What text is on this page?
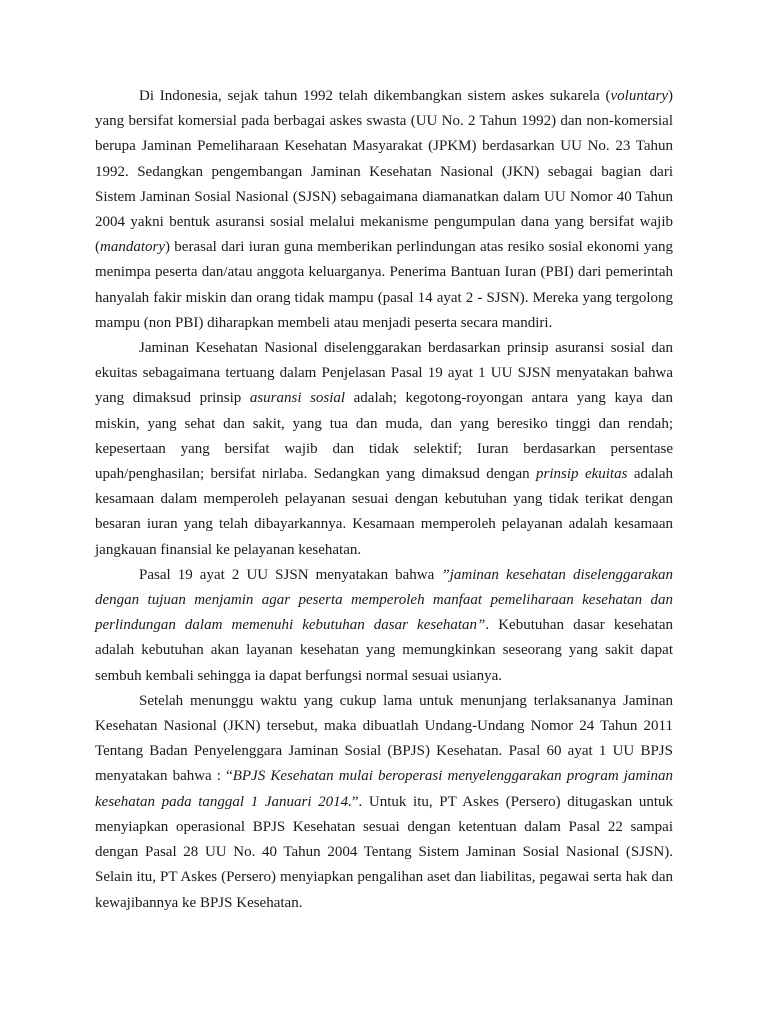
Di Indonesia, sejak tahun 1992 telah dikembangkan sistem askes sukarela (voluntary) yang bersifat komersial pada berbagai askes swasta (UU No. 2 Tahun 1992) dan non-komersial berupa Jaminan Pemeliharaan Kesehatan Masyarakat (JPKM) berdasarkan UU No. 23 Tahun 1992. Sedangkan pengembangan Jaminan Kesehatan Nasional (JKN) sebagai bagian dari Sistem Jaminan Sosial Nasional (SJSN) sebagaimana diamanatkan dalam UU Nomor 40 Tahun 2004 yakni bentuk asuransi sosial melalui mekanisme pengumpulan dana yang bersifat wajib (mandatory) berasal dari iuran guna memberikan perlindungan atas resiko sosial ekonomi yang menimpa peserta dan/atau anggota keluarganya. Penerima Bantuan Iuran (PBI) dari pemerintah hanyalah fakir miskin dan orang tidak mampu (pasal 14 ayat 2 - SJSN). Mereka yang tergolong mampu (non PBI) diharapkan membeli atau menjadi peserta secara mandiri.

Jaminan Kesehatan Nasional diselenggarakan berdasarkan prinsip asuransi sosial dan ekuitas sebagaimana tertuang dalam Penjelasan Pasal 19 ayat 1 UU SJSN menyatakan bahwa yang dimaksud prinsip asuransi sosial adalah; kegotong-royongan antara yang kaya dan miskin, yang sehat dan sakit, yang tua dan muda, dan yang beresiko tinggi dan rendah; kepesertaan yang bersifat wajib dan tidak selektif; Iuran berdasarkan persentase upah/penghasilan; bersifat nirlaba. Sedangkan yang dimaksud dengan prinsip ekuitas adalah kesamaan dalam memperoleh pelayanan sesuai dengan kebutuhan yang tidak terikat dengan besaran iuran yang telah dibayarkannya. Kesamaan memperoleh pelayanan adalah kesamaan jangkauan finansial ke pelayanan kesehatan.

Pasal 19 ayat 2 UU SJSN menyatakan bahwa ”jaminan kesehatan diselenggarakan dengan tujuan menjamin agar peserta memperoleh manfaat pemeliharaan kesehatan dan perlindungan dalam memenuhi kebutuhan dasar kesehatan”. Kebutuhan dasar kesehatan adalah kebutuhan akan layanan kesehatan yang memungkinkan seseorang yang sakit dapat sembuh kembali sehingga ia dapat berfungsi normal sesuai usianya.

Setelah menunggu waktu yang cukup lama untuk menunjang terlaksananya Jaminan Kesehatan Nasional (JKN) tersebut, maka dibuatlah Undang-Undang Nomor 24 Tahun 2011 Tentang Badan Penyelenggara Jaminan Sosial (BPJS) Kesehatan. Pasal 60 ayat 1 UU BPJS menyatakan bahwa : “BPJS Kesehatan mulai beroperasi menyelenggarakan program jaminan kesehatan pada tanggal 1 Januari 2014.”. Untuk itu, PT Askes (Persero) ditugaskan untuk menyiapkan operasional BPJS Kesehatan sesuai dengan ketentuan dalam Pasal 22 sampai dengan Pasal 28 UU No. 40 Tahun 2004 Tentang Sistem Jaminan Sosial Nasional (SJSN). Selain itu, PT Askes (Persero) menyiapkan pengalihan aset dan liabilitas, pegawai serta hak dan kewajibannya ke BPJS Kesehatan.
